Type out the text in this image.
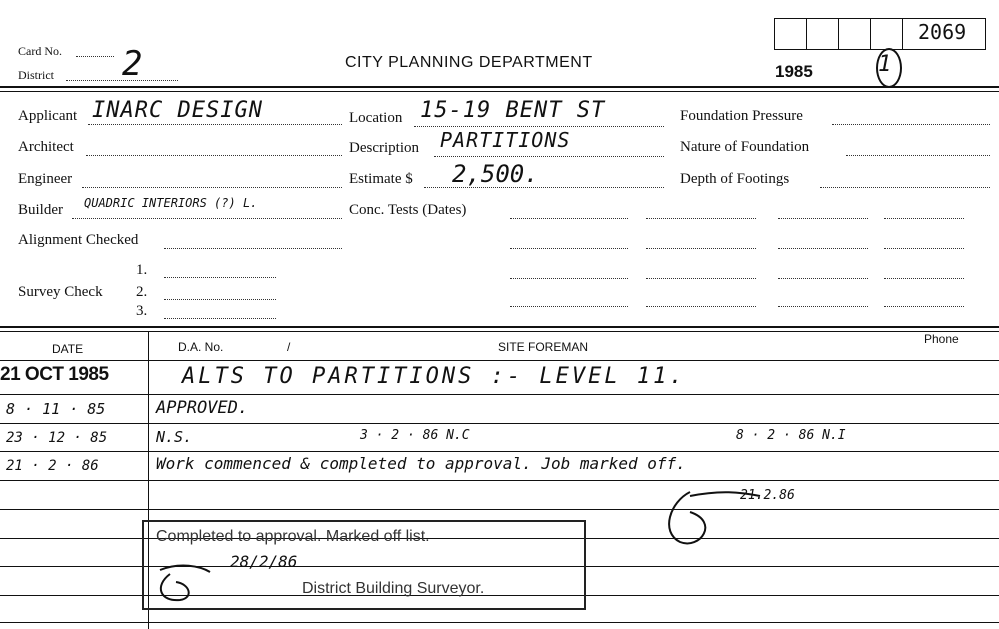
Card No.
District 2	CITY PLANNING DEPARTMENT
2069
1985	1
Applicant INARC DESIGN
Architect
Engineer
Builder QUADRIC INTERIORS (?) L.
Alignment Checked
1.
Survey Check 2.
3.
Location 15-19 BENT ST
Description PARTITIONS
Estimate $ 2,500.
Conc. Tests (Dates)
Foundation Pressure
Nature of Foundation
Depth of Footings
DATE	D.A. No.	/	SITE FOREMAN
Phone
21 OCT 1985	ALTS TO PARTITIONS :- LEVEL 11.
8 · 11 · 85	APPROVED.
23 · 12 · 85	N.S.	3 · 2 · 86 N.C	8 · 2 · 86 N.I
21 · 2 · 86	Work commenced & completed to approval. Job marked off.
21.2.86
Completed to approval. Marked off list.
28/2/86
District Building Surveyor.
